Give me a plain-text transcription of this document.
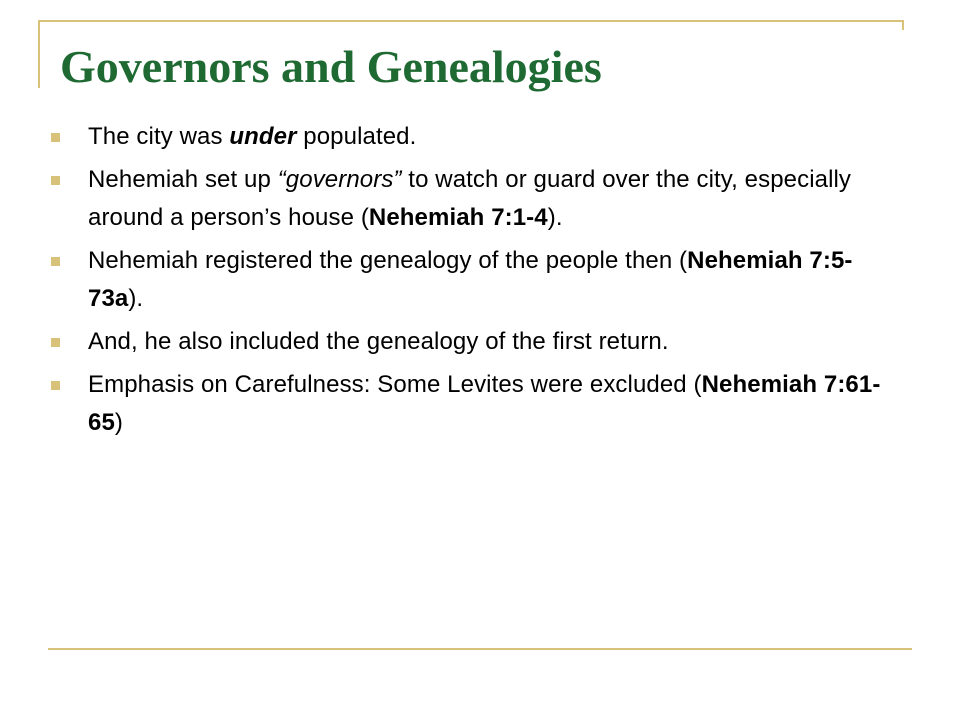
Governors and Genealogies
The city was under populated.
Nehemiah set up “governors” to watch or guard over the city, especially around a person’s house (Nehemiah 7:1-4).
Nehemiah registered the genealogy of the people then (Nehemiah 7:5-73a).
And, he also included the genealogy of the first return.
Emphasis on Carefulness: Some Levites were excluded (Nehemiah 7:61-65)
